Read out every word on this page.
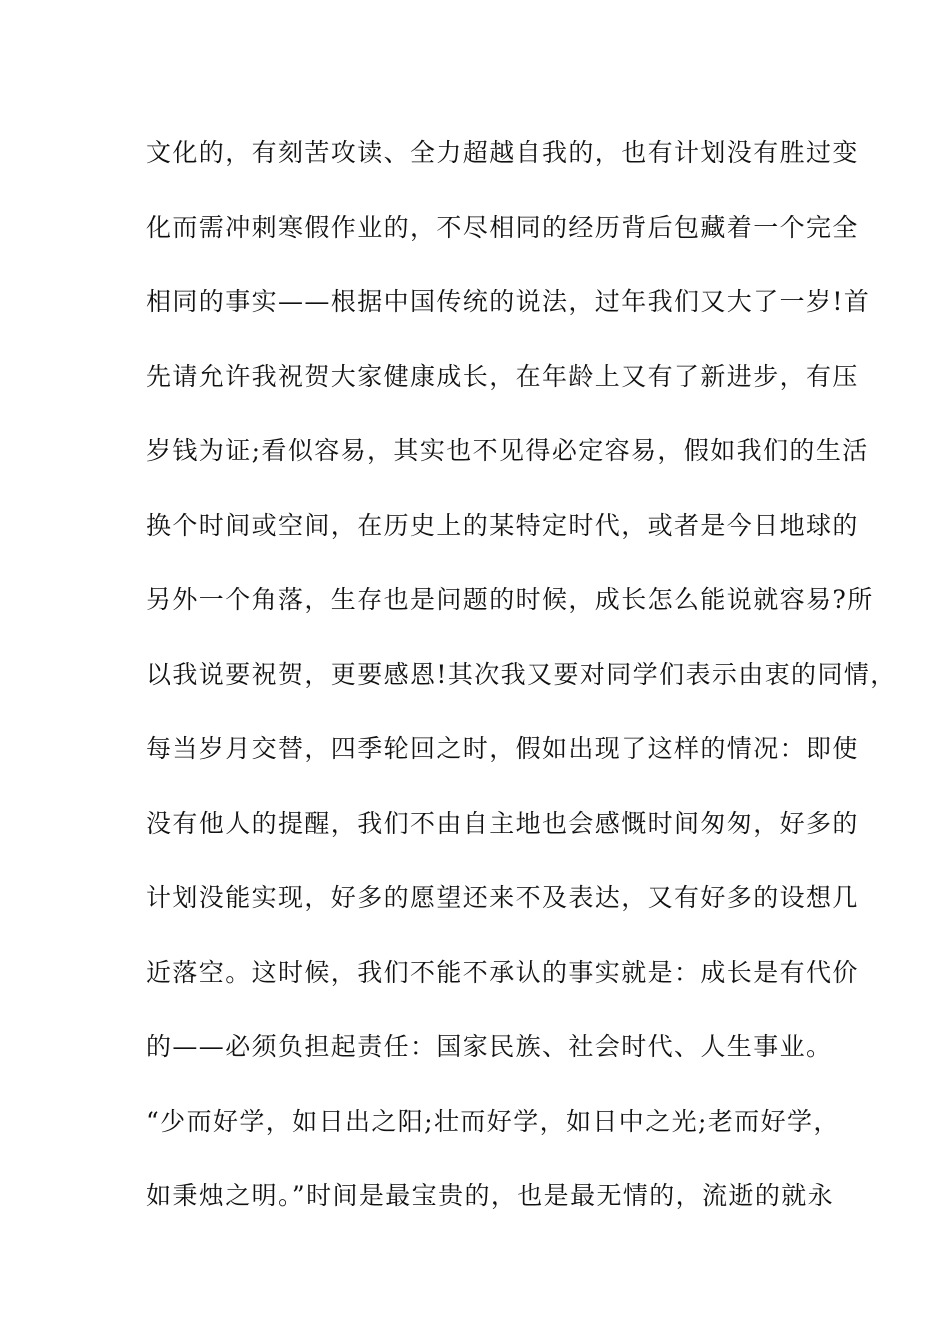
文化的，有刻苦攻读、全力超越自我的，也有计划没有胜过变
化而需冲刺寒假作业的，不尽相同的经历背后包藏着一个完全
相同的事实——根据中国传统的说法，过年我们又大了一岁!首
先请允许我祝贺大家健康成长，在年龄上又有了新进步，有压
岁钱为证;看似容易，其实也不见得必定容易，假如我们的生活
换个时间或空间，在历史上的某特定时代，或者是今日地球的
另外一个角落，生存也是问题的时候，成长怎么能说就容易?所
以我说要祝贺，更要感恩!其次我又要对同学们表示由衷的同情，
每当岁月交替，四季轮回之时，假如出现了这样的情况：即使
没有他人的提醒，我们不由自主地也会感慨时间匆匆，好多的
计划没能实现，好多的愿望还来不及表达，又有好多的设想几
近落空。这时候，我们不能不承认的事实就是：成长是有代价
的——必须负担起责任：国家民族、社会时代、人生事业。
“少而好学，如日出之阳;壮而好学，如日中之光;老而好学，
如秉烛之明。”时间是最宝贵的，也是最无情的，流逝的就永
